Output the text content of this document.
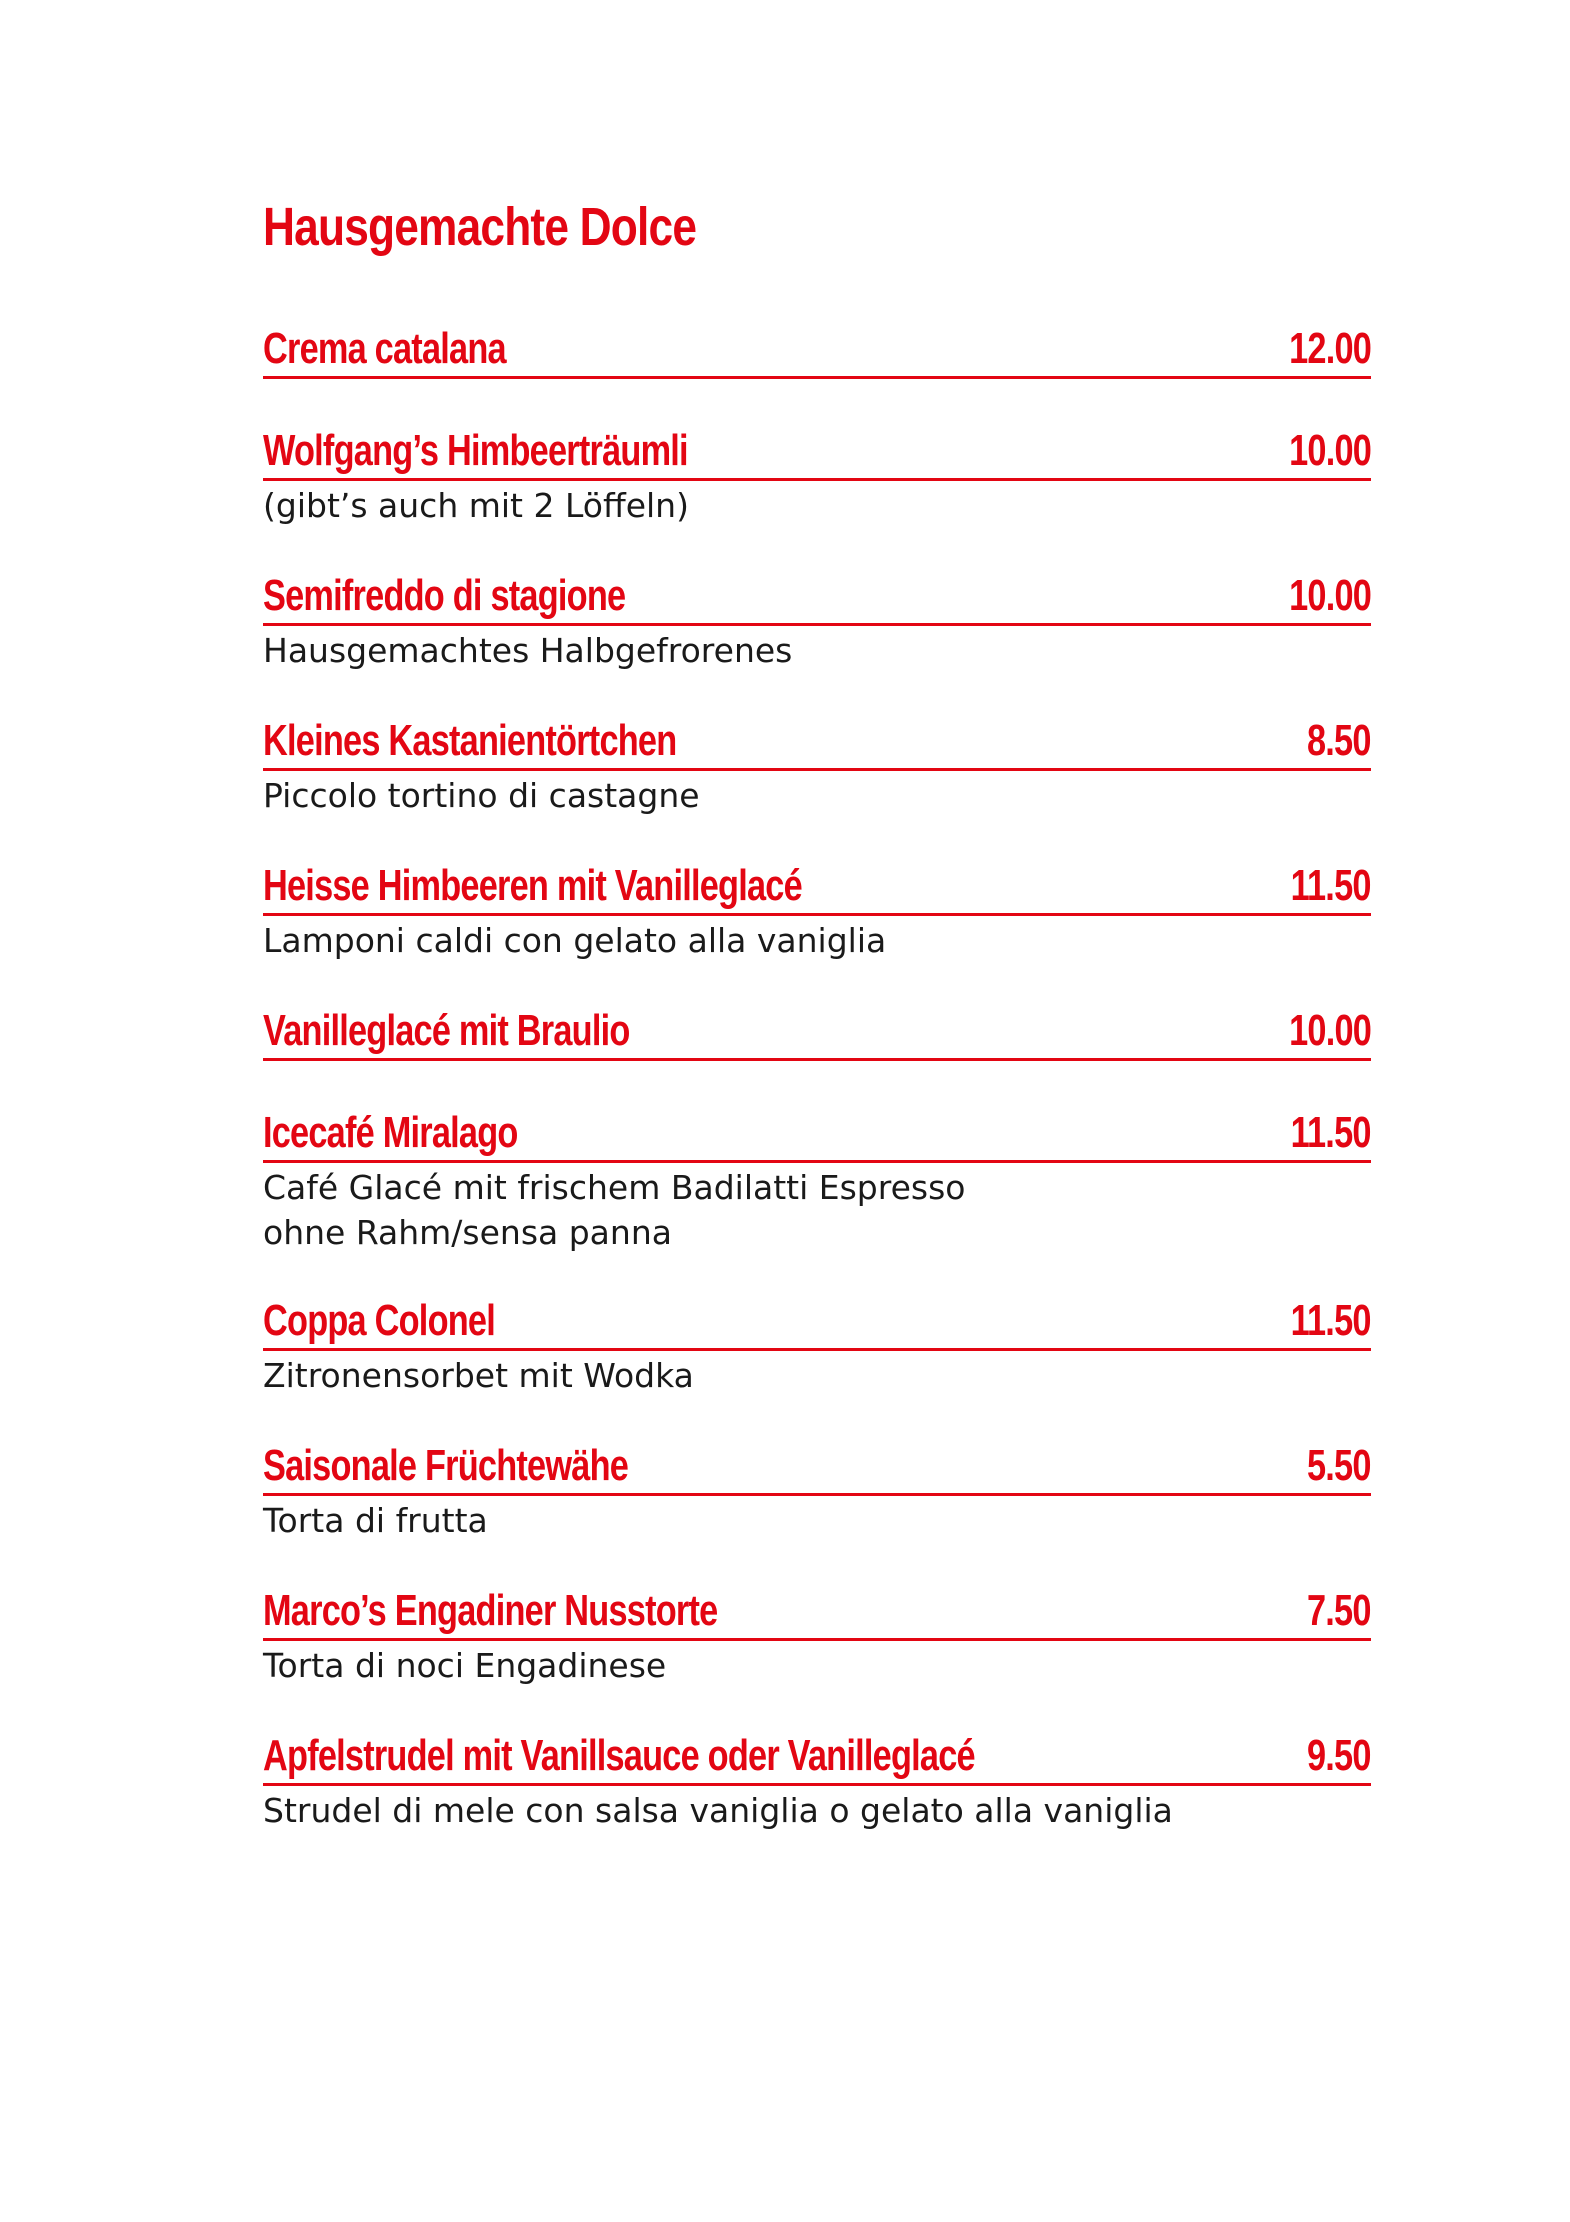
Hausgemachte Dolce
Crema catalana	12.00
Wolfgang’s Himbeerträumli	10.00
(gibt’s auch mit 2 Löffeln)
Semifreddo di stagione	10.00
Hausgemachtes Halbgefrorenes
Kleines Kastanientörtchen	8.50
Piccolo tortino di castagne
Heisse Himbeeren mit Vanilleglacé	11.50
Lamponi caldi con gelato alla vaniglia
Vanilleglacé mit Braulio	10.00
Icecafé Miralago	11.50
Café Glacé mit frischem Badilatti Espresso
ohne Rahm/sensa panna
Coppa Colonel	11.50
Zitronensorbet mit Wodka
Saisonale Früchtewähe	5.50
Torta di frutta
Marco’s Engadiner Nusstorte	7.50
Torta di noci Engadinese
Apfelstrudel mit Vanillsauce oder Vanilleglacé	9.50
Strudel di mele con salsa vaniglia o gelato alla vaniglia
